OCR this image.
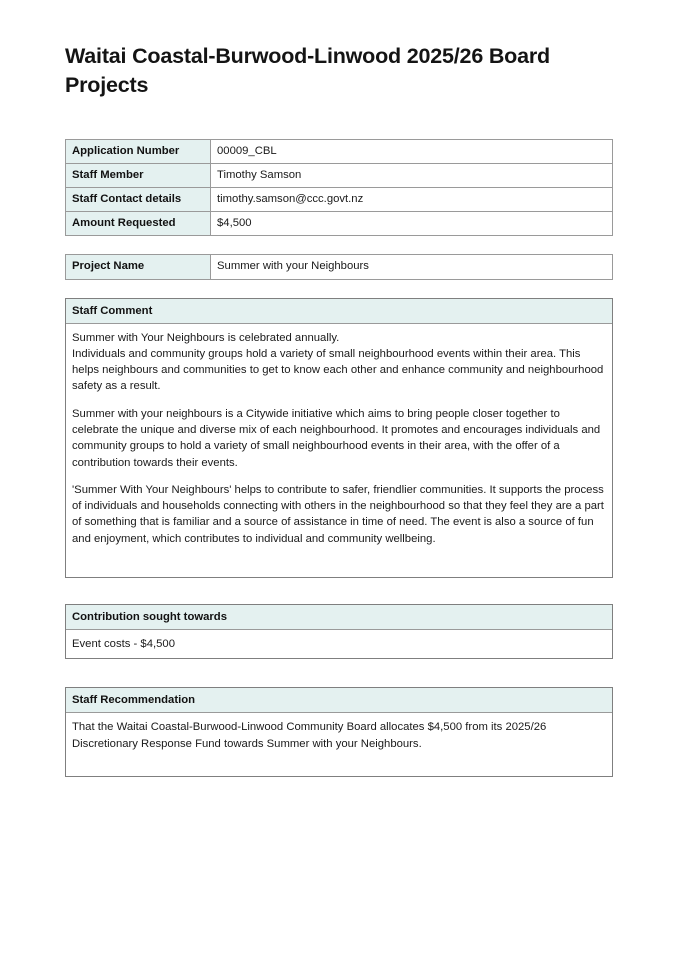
Waitai Coastal-Burwood-Linwood 2025/26 Board Projects
Application Number	00009_CBL
Staff Member	Timothy Samson
Staff Contact details	timothy.samson@ccc.govt.nz
Amount Requested	$4,500
Project Name	Summer with your Neighbours
Staff Comment

Summer with Your Neighbours is celebrated annually.
Individuals and community groups hold a variety of small neighbourhood events within their area. This helps neighbours and communities to get to know each other and enhance community and neighbourhood safety as a result.

Summer with your neighbours is a Citywide initiative which aims to bring people closer together to celebrate the unique and diverse mix of each neighbourhood. It promotes and encourages individuals and community groups to hold a variety of small neighbourhood events in their area, with the offer of a contribution towards their events.

'Summer With Your Neighbours' helps to contribute to safer, friendlier communities. It supports the process of individuals and households connecting with others in the neighbourhood so that they feel they are a part of something that is familiar and a source of assistance in time of need. The event is also a source of fun and enjoyment, which contributes to individual and community wellbeing.

Contribution sought towards

Event costs - $4,500

Staff Recommendation

That the Waitai Coastal-Burwood-Linwood Community Board allocates $4,500 from its 2025/26 Discretionary Response Fund towards Summer with your Neighbours.
